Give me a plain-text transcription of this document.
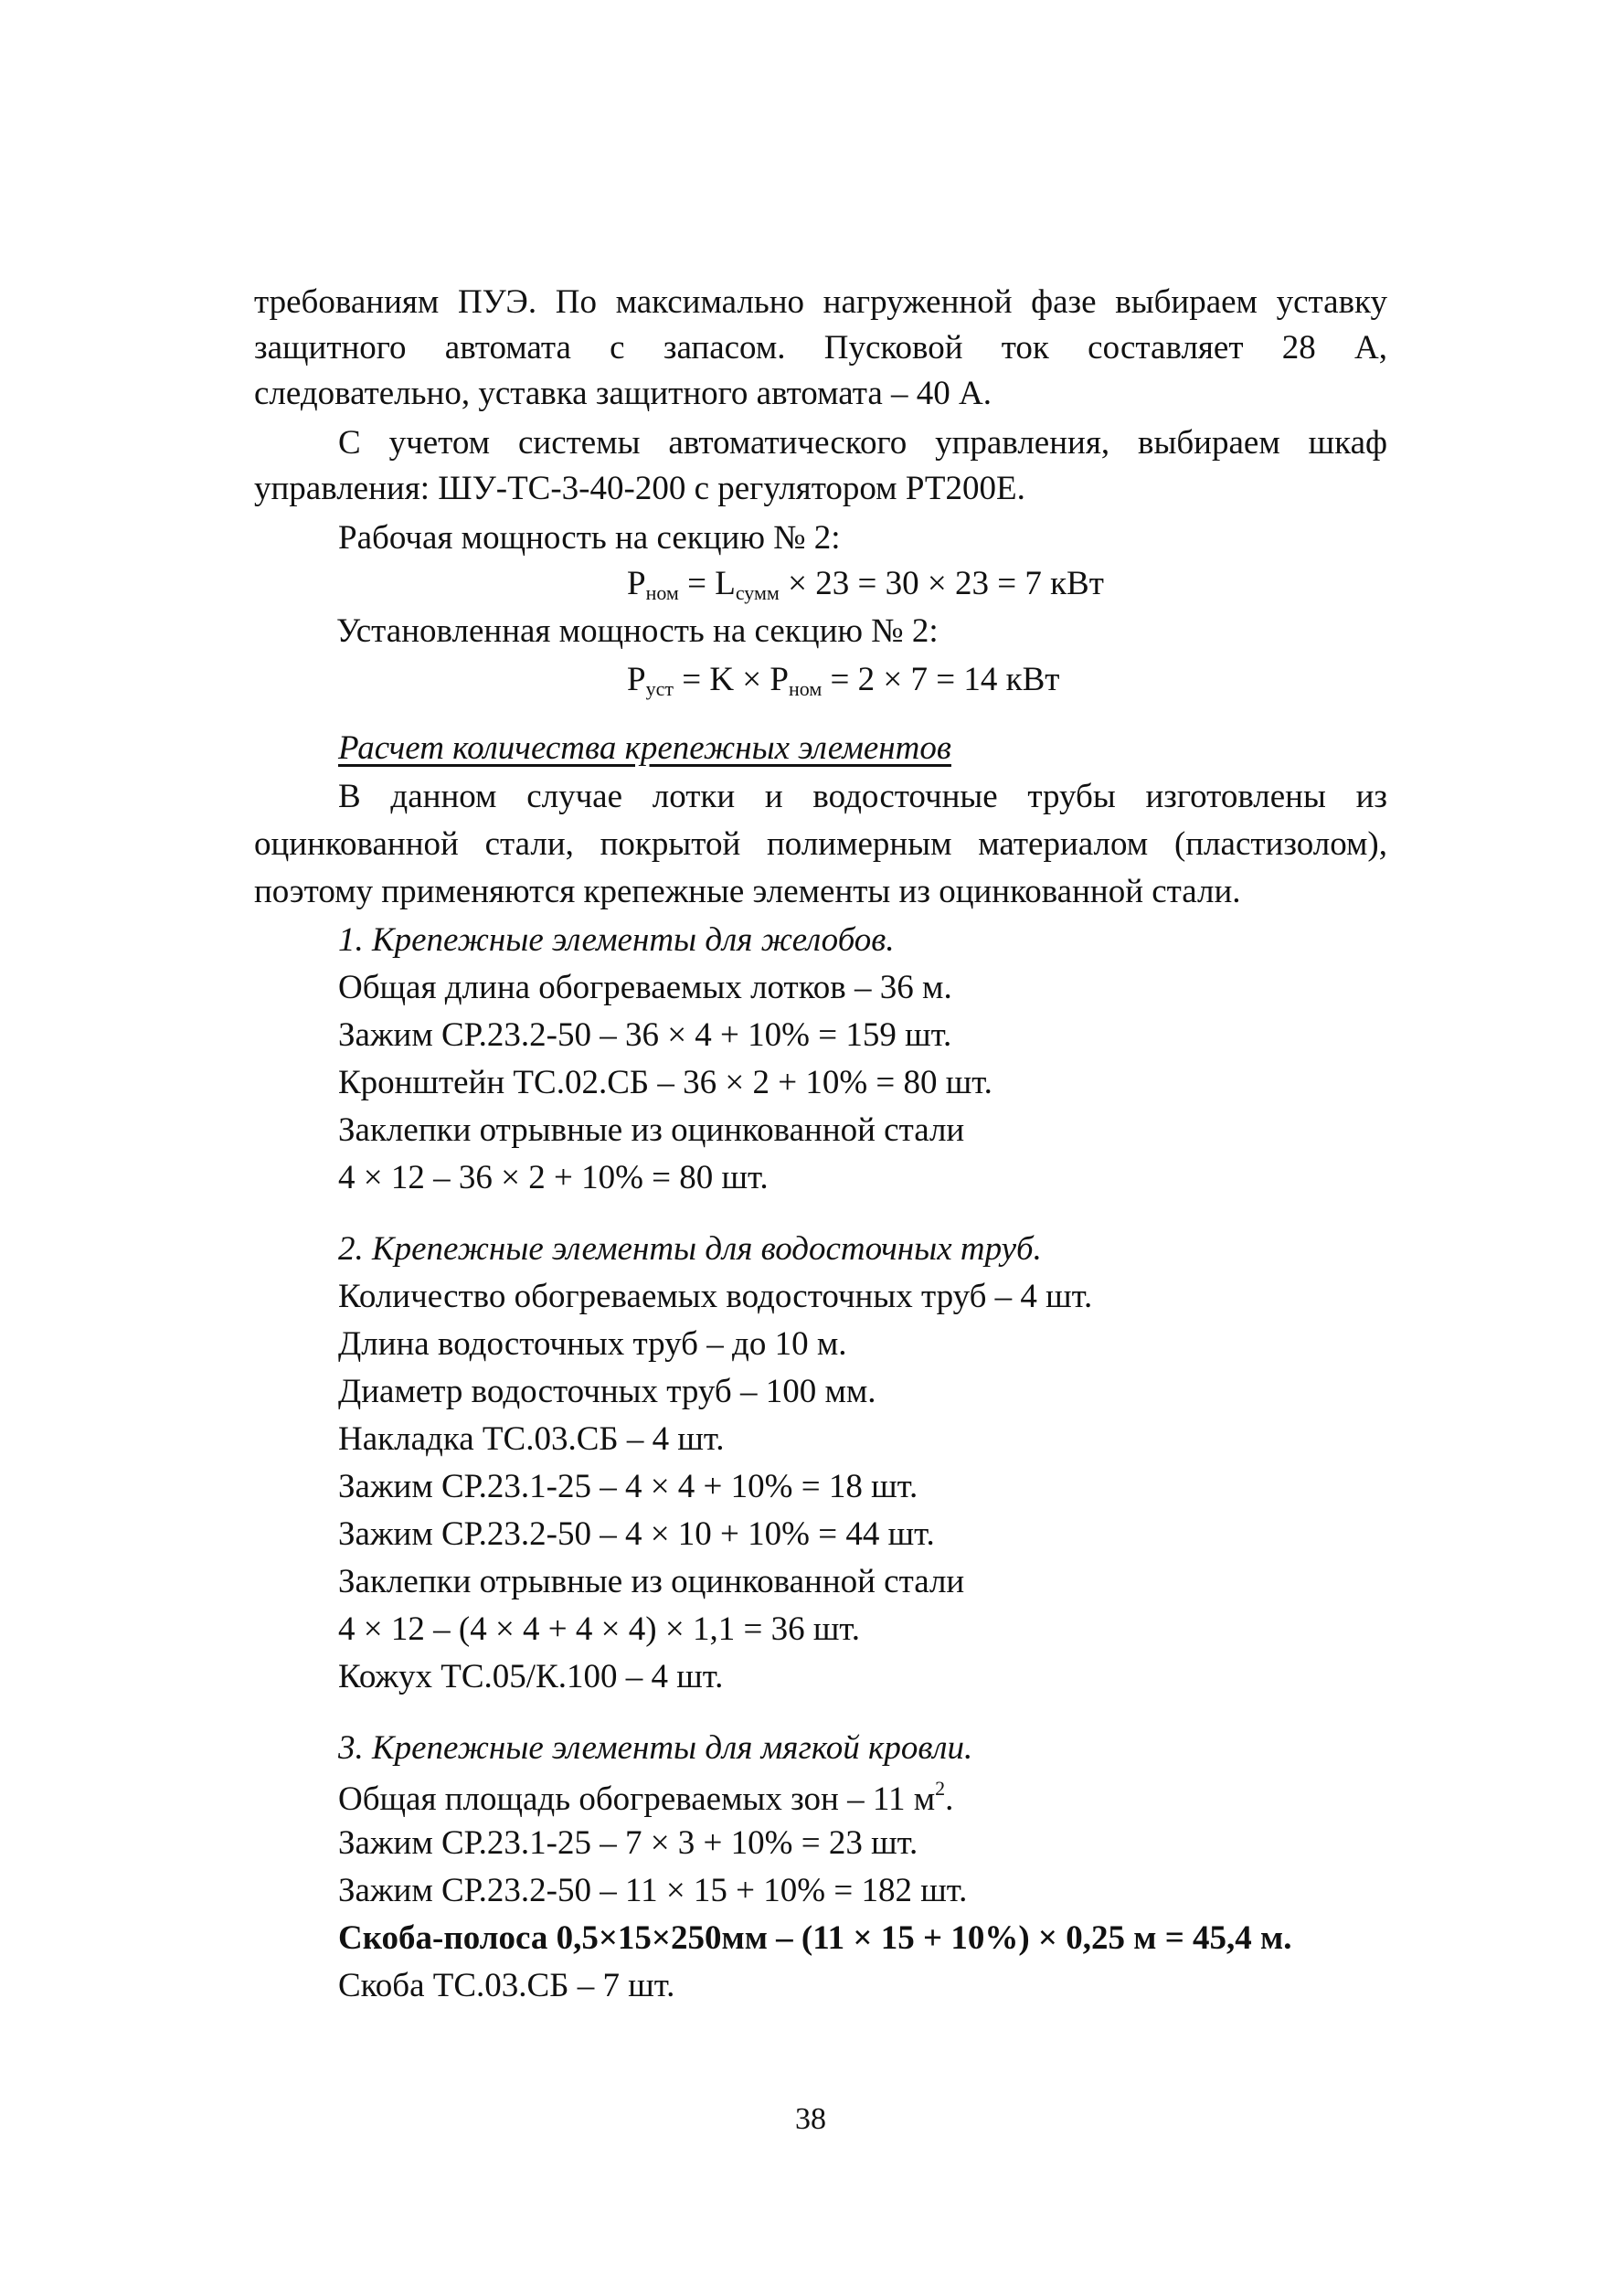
требованиям ПУЭ. По максимально нагруженной фазе выбираем уставку
защитного автомата с запасом. Пусковой ток составляет 28 А,
следовательно, уставка защитного автомата – 40 А.
С учетом системы автоматического управления, выбираем шкаф
управления: ШУ-ТС-3-40-200 с регулятором РТ200Е.
Рабочая мощность на секцию № 2:
$P_{ном} = L_{сумм} \times 23 = 30 \times 23 = 7$ кВт
Установленная мощность на секцию № 2:
$P_{уст} = K \times P_{ном} = 2 \times 7 = 14$ кВт
Расчет количества крепежных элементов
В данном случае лотки и водосточные трубы изготовлены из
оцинкованной стали, покрытой полимерным материалом (пластизолом),
поэтому применяются крепежные элементы из оцинкованной стали.
1. Крепежные элементы для желобов.
Общая длина обогреваемых лотков – 36 м.
Зажим СР.23.2-50 – 36 × 4 + 10% = 159 шт.
Кронштейн ТС.02.СБ – 36 × 2 + 10% = 80 шт.
Заклепки отрывные из оцинкованной стали
4 × 12 – 36 × 2 + 10% = 80 шт.
2. Крепежные элементы для водосточных труб.
Количество обогреваемых водосточных труб – 4 шт.
Длина водосточных труб – до 10 м.
Диаметр водосточных труб – 100 мм.
Накладка ТС.03.СБ – 4 шт.
Зажим СР.23.1-25 – 4 × 4 + 10% = 18 шт.
Зажим СР.23.2-50 – 4 × 10 + 10% = 44 шт.
Заклепки отрывные из оцинкованной стали
4 × 12 – (4 × 4 + 4 × 4) × 1,1 = 36 шт.
Кожух ТС.05/К.100 – 4 шт.
3. Крепежные элементы для мягкой кровли.
Общая площадь обогреваемых зон – 11 $м^2$.
Зажим СР.23.1-25 – 7 × 3 + 10% = 23 шт.
Зажим СР.23.2-50 – 11 × 15 + 10% = 182 шт.
Скоба-полоса 0,5×15×250мм – (11 × 15 + 10%) × 0,25 м = 45,4 м.
Скоба ТС.03.СБ – 7 шт.
38
